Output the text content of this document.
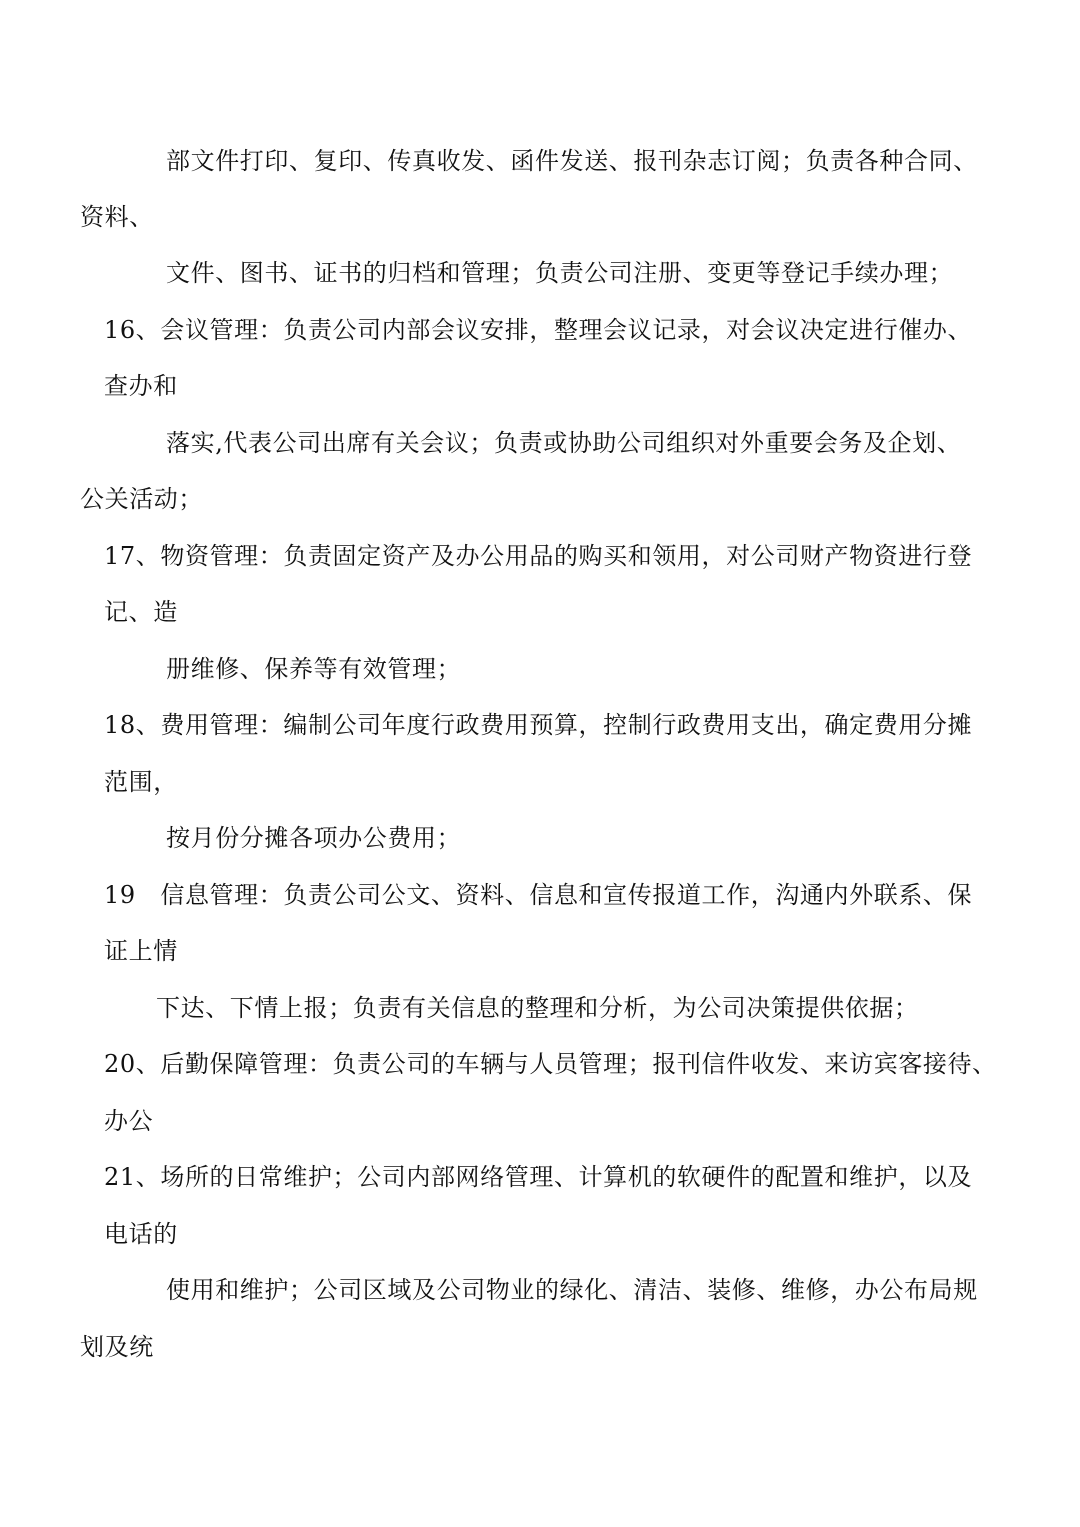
部文件打印、复印、传真收发、函件发送、报刊杂志订阅；负责各种合同、
资料、
文件、图书、证书的归档和管理；负责公司注册、变更等登记手续办理；
16、会议管理：负责公司内部会议安排，整理会议记录，对会议决定进行催办、
查办和
落实,代表公司出席有关会议；负责或协助公司组织对外重要会务及企划、
公关活动；
17、物资管理：负责固定资产及办公用品的购买和领用，对公司财产物资进行登
记、造
册维修、保养等有效管理；
18、费用管理：编制公司年度行政费用预算，控制行政费用支出，确定费用分摊
范围，
按月份分摊各项办公费用；
19　信息管理：负责公司公文、资料、信息和宣传报道工作，沟通内外联系、保
证上情
下达、下情上报；负责有关信息的整理和分析，为公司决策提供依据；
20、后勤保障管理：负责公司的车辆与人员管理；报刊信件收发、来访宾客接待、
办公
21、场所的日常维护；公司内部网络管理、计算机的软硬件的配置和维护，以及
电话的
使用和维护；公司区域及公司物业的绿化、清洁、装修、维修，办公布局规
划及统
